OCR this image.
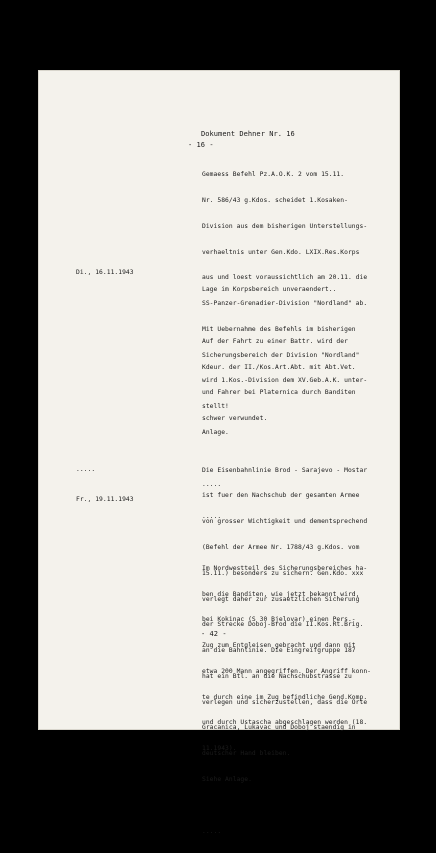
Dokument Dehner Nr. 16
- 16 -

Gemaess Befehl Pz.A.O.K. 2 vom 15.11.

Nr. 586/43 g.Kdos. scheidet 1.Kosaken-

Division aus dem bisherigen Unterstellungs-

verhaeltnis unter Gen.Kdo. LXIX.Res.Korps

aus und loest voraussichtlich am 20.11. die

SS-Panzer-Grenadier-Division "Nordland" ab.

Mit Uebernahme des Befehls im bisherigen

Sicherungsbereich der Division "Nordland"

wird 1.Kos.-Division dem XV.Geb.A.K. unter-

stellt!

Anlage.

.....

Di., 16.11.1943

Lage im Korpsbereich unveraendert..

Auf der Fahrt zu einer Battr. wird der

Kdeur. der II./Kos.Art.Abt. mit Abt.Vet.

und Fahrer bei Platernica durch Banditen

schwer verwundet.

Die Eisenbahnlinie Brod - Sarajevo - Mostar

ist fuer den Nachschub der gesamten Armee

von grosser Wichtigkeit und dementsprechend

(Befehl der Armee Nr. 1788/43 g.Kdos. vom

15.11.) besonders zu sichern. Gen.Kdo. xxx

verlegt daher zur zusaetzlichen Sicherung

der Strecke Doboj-Brod die II.Kos.Rt.Brig.

an die Bahnlinie. Die Eingreifgruppe 187

hat ein Btl. an die Nachschubstrasse zu

verlegen und sicherzustellen, dass die Orte

Gracanica, Lukavac und Doboj staendig in

deutscher Hand bleiben.

Siehe Anlage.

.....

.....
Fr., 19.11.1943

.....

Im Nordwestteil des Sicherungsbereiches ha-

ben die Banditen, wie jetzt bekannt wird,

bei Kokinac (S 30 Bjelovar) einen Pers.-

Zug zum Entgleisen gebracht und dann mit

etwa 200 Mann angegriffen. Der Angriff konn-

te durch eine im Zug befindliche Gend.Komp.

und durch Ustascha abgeschlagen werden (18.

11.1943).

- 42 -
